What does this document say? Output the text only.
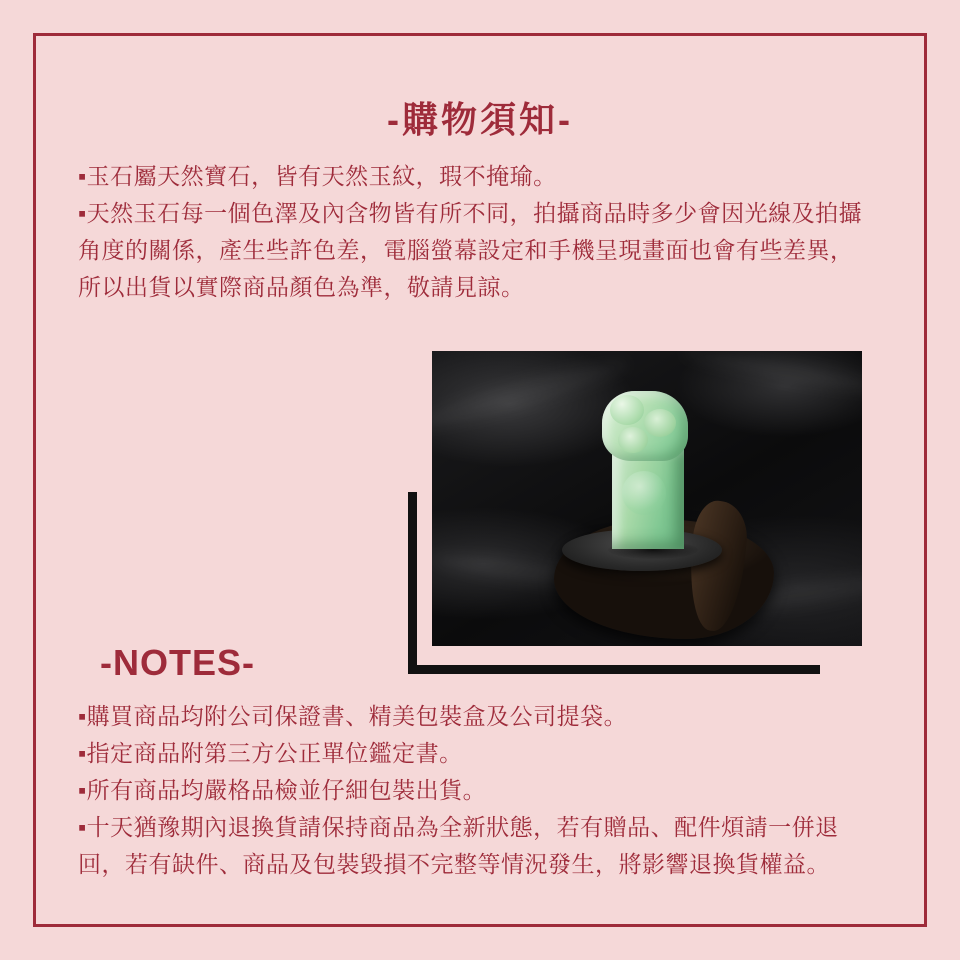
-購物須知-
▪玉石屬天然寶石，皆有天然玉紋，瑕不掩瑜。
▪天然玉石每一個色澤及內含物皆有所不同，拍攝商品時多少會因光線及拍攝角度的關係，產生些許色差，電腦螢幕設定和手機呈現畫面也會有些差異，所以出貨以實際商品顏色為準，敬請見諒。
-NOTES-
▪購買商品均附公司保證書、精美包裝盒及公司提袋。
▪指定商品附第三方公正單位鑑定書。
▪所有商品均嚴格品檢並仔細包裝出貨。
▪十天猶豫期內退換貨請保持商品為全新狀態，若有贈品、配件煩請一併退回，若有缺件、商品及包裝毀損不完整等情況發生，將影響退換貨權益。
